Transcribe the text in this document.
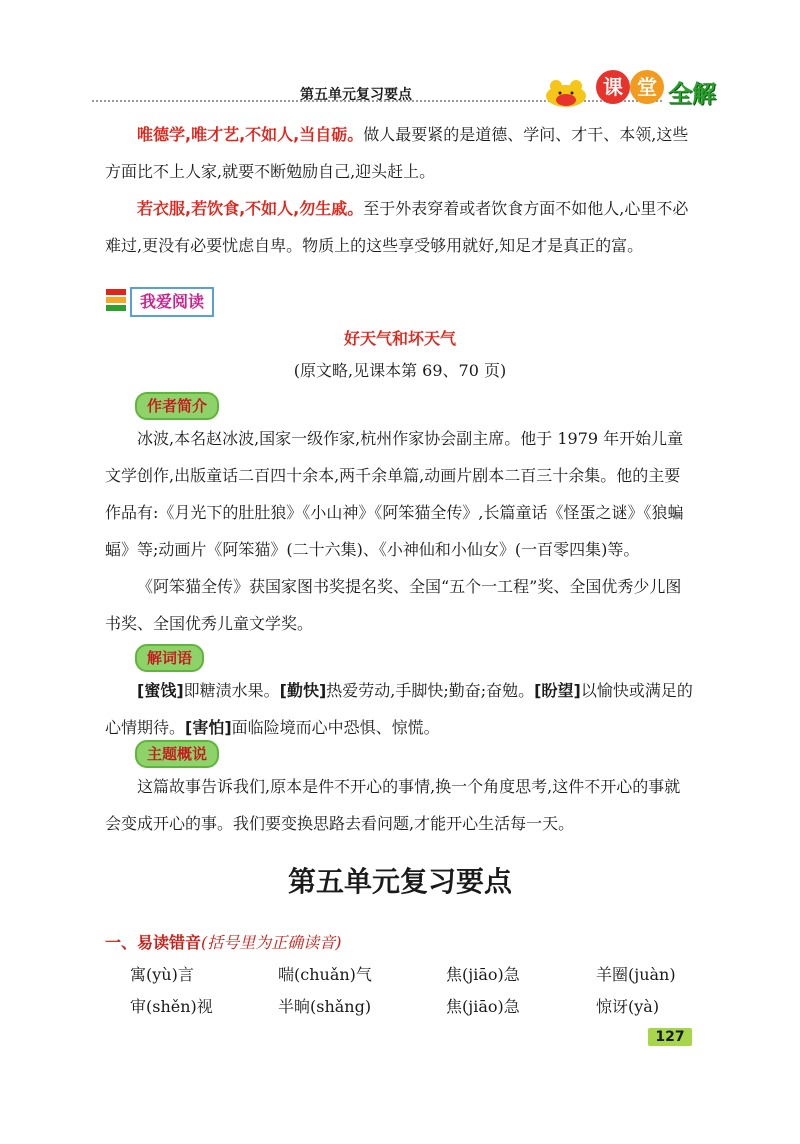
第五单元复习要点	课 堂 全解

唯德学,唯才艺,不如人,当自砺。做人最要紧的是道德、学问、才干、本领,这些方面比不上人家,就要不断勉励自己,迎头赶上。

若衣服,若饮食,不如人,勿生戚。至于外表穿着或者饮食方面不如他人,心里不必难过,更没有必要忧虑自卑。物质上的这些享受够用就好,知足才是真正的富。

我爱阅读
好天气和坏天气
(原文略,见课本第 69、70 页)
作者简介

冰波,本名赵冰波,国家一级作家,杭州作家协会副主席。他于 1979 年开始儿童文学创作,出版童话二百四十余本,两千余单篇,动画片剧本二百三十余集。他的主要作品有:《月光下的肚肚狼》《小山神》《阿笨猫全传》,长篇童话《怪蛋之谜》《狼蝙蝠》等;动画片《阿笨猫》(二十六集)、《小神仙和小仙女》(一百零四集)等。

《阿笨猫全传》获国家图书奖提名奖、全国“五个一工程”奖、全国优秀少儿图书奖、全国优秀儿童文学奖。

解词语

[蜜饯]即糖渍水果。[勤快]热爱劳动,手脚快;勤奋;奋勉。[盼望]以愉快或满足的心情期待。[害怕]面临险境而心中恐惧、惊慌。

主题概说

这篇故事告诉我们,原本是件不开心的事情,换一个角度思考,这件不开心的事就会变成开心的事。我们要变换思路去看问题,才能开心生活每一天。

第五单元复习要点
一、易读错音(括号里为正确读音)
寓(yù)言	喘(chuǎn)气	焦(jiāo)急	羊圈(juàn)
审(shěn)视	半晌(shǎng)	焦(jiāo)急	惊讶(yà)
127
